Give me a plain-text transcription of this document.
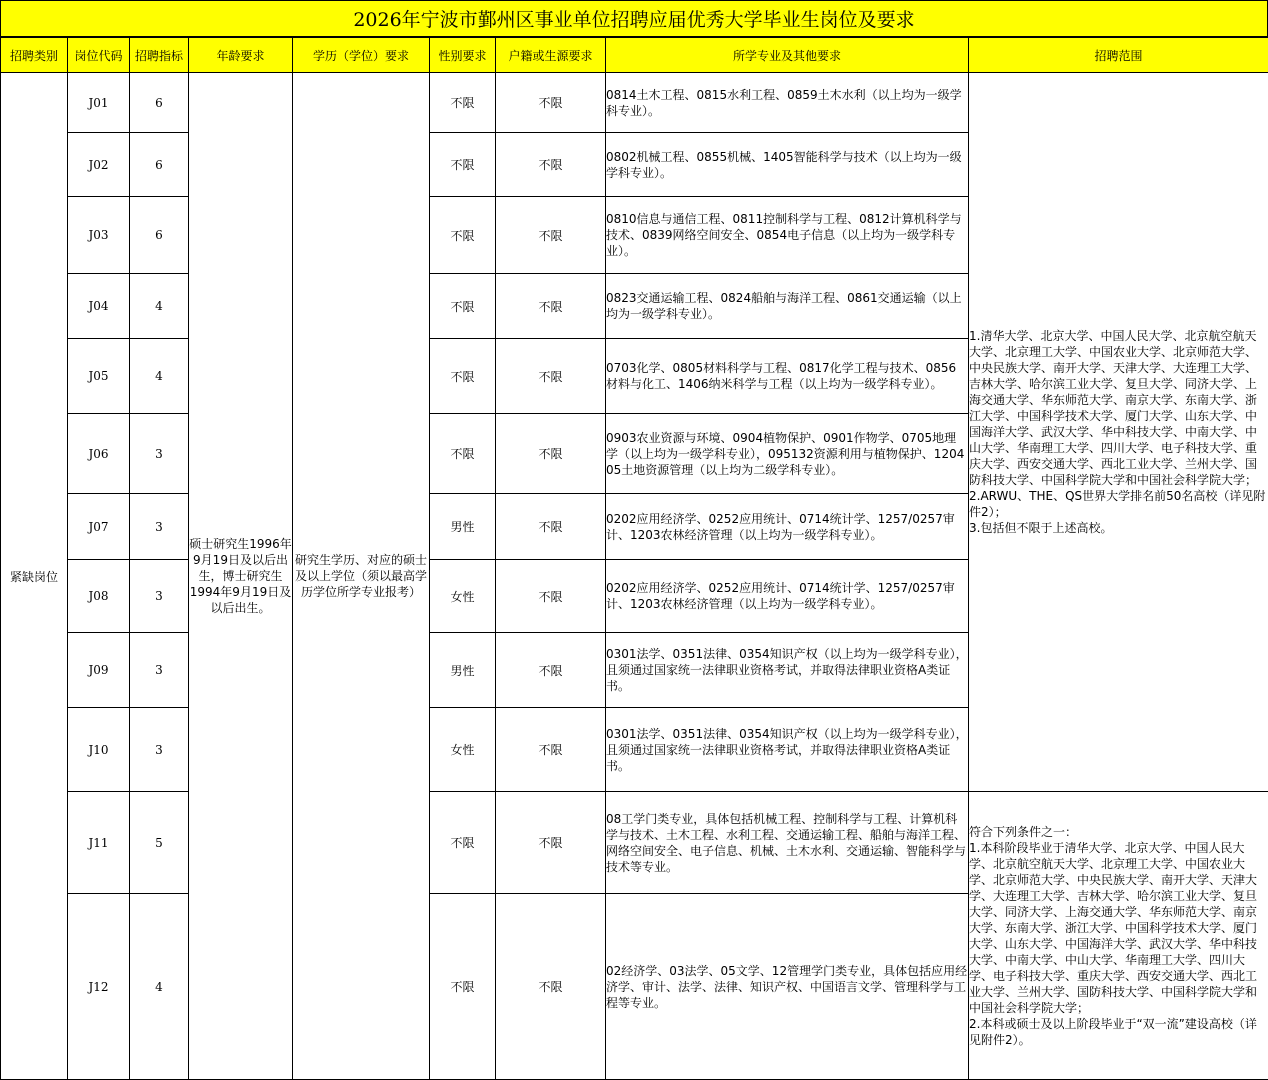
2026年宁波市鄞州区事业单位招聘应届优秀大学毕业生岗位及要求
招聘类别	岗位代码	招聘指标	年龄要求	学历（学位）要求	性别要求	户籍或生源要求	所学专业及其他要求	招聘范围
紧缺岗位	J01	6	硕士研究生1996年9月19日及以后出生，博士研究生1994年9月19日及以后出生。	研究生学历、对应的硕士及以上学位（须以最高学历学位所学专业报考）	不限	不限	0814土木工程、0815水利工程、0859土木水利（以上均为一级学科专业）。	1.清华大学、北京大学、中国人民大学、北京航空航天大学、北京理工大学、中国农业大学、北京师范大学、中央民族大学、南开大学、天津大学、大连理工大学、吉林大学、哈尔滨工业大学、复旦大学、同济大学、上海交通大学、华东师范大学、南京大学、东南大学、浙江大学、中国科学技术大学、厦门大学、山东大学、中国海洋大学、武汉大学、华中科技大学、中南大学、中山大学、华南理工大学、四川大学、电子科技大学、重庆大学、西安交通大学、西北工业大学、兰州大学、国防科技大学、中国科学院大学和中国社会科学院大学；
2.ARWU、THE、QS世界大学排名前50名高校（详见附件2）；
3.包括但不限于上述高校。
	J02	6			不限	不限	0802机械工程、0855机械、1405智能科学与技术（以上均为一级学科专业）。	
	J03	6			不限	不限	0810信息与通信工程、0811控制科学与工程、0812计算机科学与技术、0839网络空间安全、0854电子信息（以上均为一级学科专业）。	
	J04	4			不限	不限	0823交通运输工程、0824船舶与海洋工程、0861交通运输（以上均为一级学科专业）。	
	J05	4			不限	不限	0703化学、0805材料科学与工程、0817化学工程与技术、0856材料与化工、1406纳米科学与工程（以上均为一级学科专业）。	
	J06	3			不限	不限	0903农业资源与环境、0904植物保护、0901作物学、0705地理学（以上均为一级学科专业），095132资源利用与植物保护、120405土地资源管理（以上均为二级学科专业）。	
	J07	3			男性	不限	0202应用经济学、0252应用统计、0714统计学、1257/0257审计、1203农林经济管理（以上均为一级学科专业）。	
	J08	3			女性	不限	0202应用经济学、0252应用统计、0714统计学、1257/0257审计、1203农林经济管理（以上均为一级学科专业）。	
	J09	3			男性	不限	0301法学、0351法律、0354知识产权（以上均为一级学科专业），且须通过国家统一法律职业资格考试，并取得法律职业资格A类证书。	
	J10	3			女性	不限	0301法学、0351法律、0354知识产权（以上均为一级学科专业），且须通过国家统一法律职业资格考试，并取得法律职业资格A类证书。	
	J11	5			不限	不限	08工学门类专业，具体包括机械工程、控制科学与工程、计算机科学与技术、土木工程、水利工程、交通运输工程、船舶与海洋工程、网络空间安全、电子信息、机械、土木水利、交通运输、智能科学与技术等专业。	符合下列条件之一：
1.本科阶段毕业于清华大学、北京大学、中国人民大学、北京航空航天大学、北京理工大学、中国农业大学、北京师范大学、中央民族大学、南开大学、天津大学、大连理工大学、吉林大学、哈尔滨工业大学、复旦大学、同济大学、上海交通大学、华东师范大学、南京大学、东南大学、浙江大学、中国科学技术大学、厦门大学、山东大学、中国海洋大学、武汉大学、华中科技大学、中南大学、中山大学、华南理工大学、四川大学、电子科技大学、重庆大学、西安交通大学、西北工业大学、兰州大学、国防科技大学、中国科学院大学和中国社会科学院大学；
2.本科或硕士及以上阶段毕业于“双一流”建设高校（详见附件2）。
	J12	4			不限	不限	02经济学、03法学、05文学、12管理学门类专业，具体包括应用经济学、审计、法学、法律、知识产权、中国语言文学、管理科学与工程等专业。	
